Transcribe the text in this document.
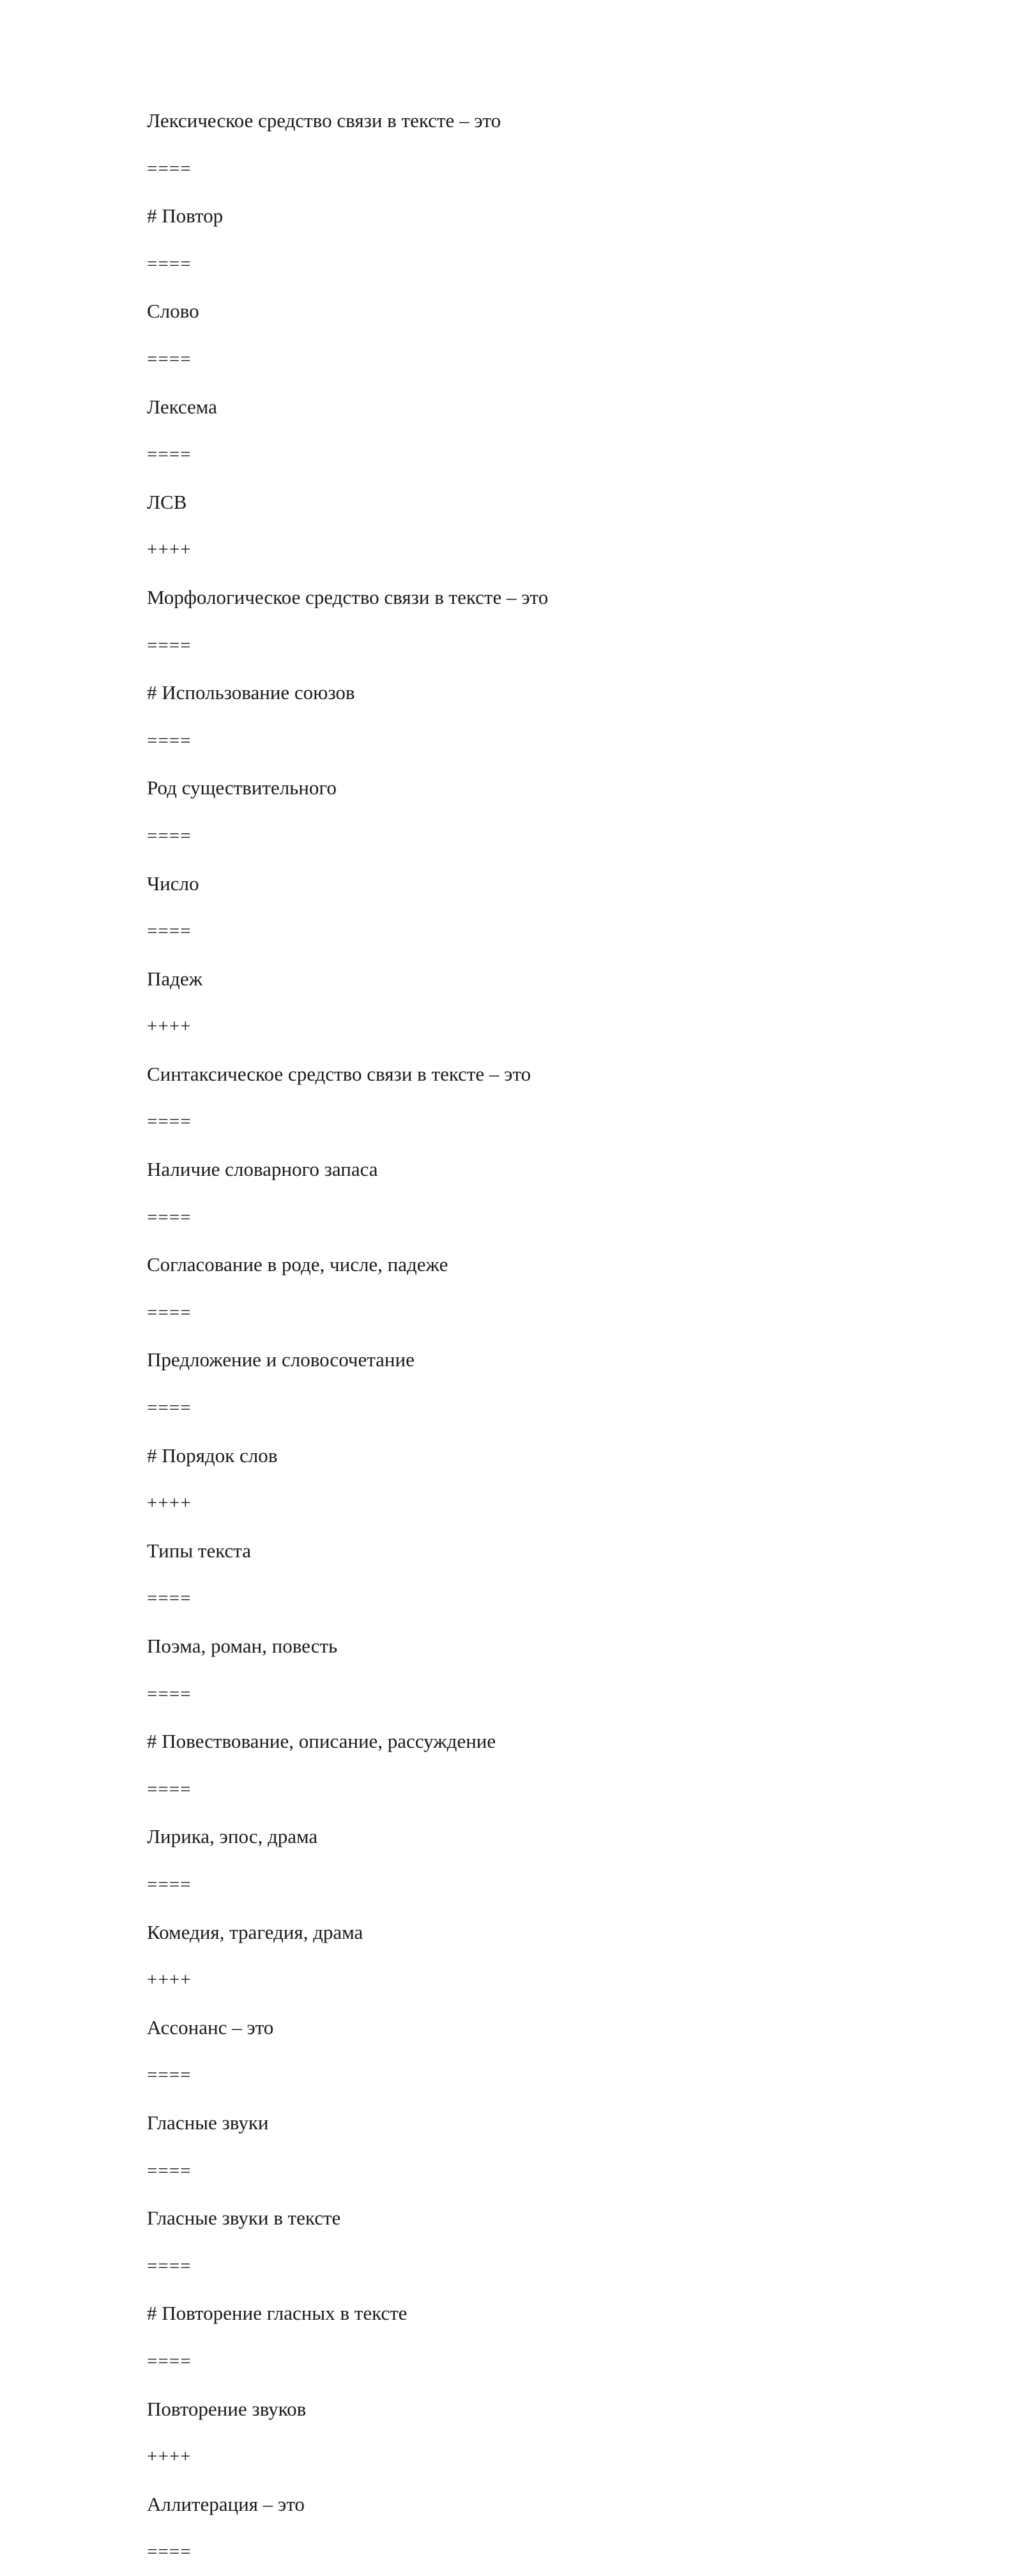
Лексическое средство связи в тексте – это
====
# Повтор
====
Слово
====
Лексема
====
ЛСВ
++++
Морфологическое средство связи в тексте – это
====
# Использование союзов
====
Род существительного
====
Число
====
Падеж
++++
Синтаксическое средство связи в тексте – это
====
Наличие словарного запаса
====
Согласование в роде, числе, падеже
====
Предложение и словосочетание
====
# Порядок слов
++++
Типы текста
====
Поэма, роман, повесть
====
# Повествование, описание, рассуждение
====
Лирика, эпос, драма
====
Комедия, трагедия, драма
++++
Ассонанс – это
====
Гласные звуки
====
Гласные звуки в тексте
====
# Повторение гласных в тексте
====
Повторение звуков
++++
Аллитерация – это
====
